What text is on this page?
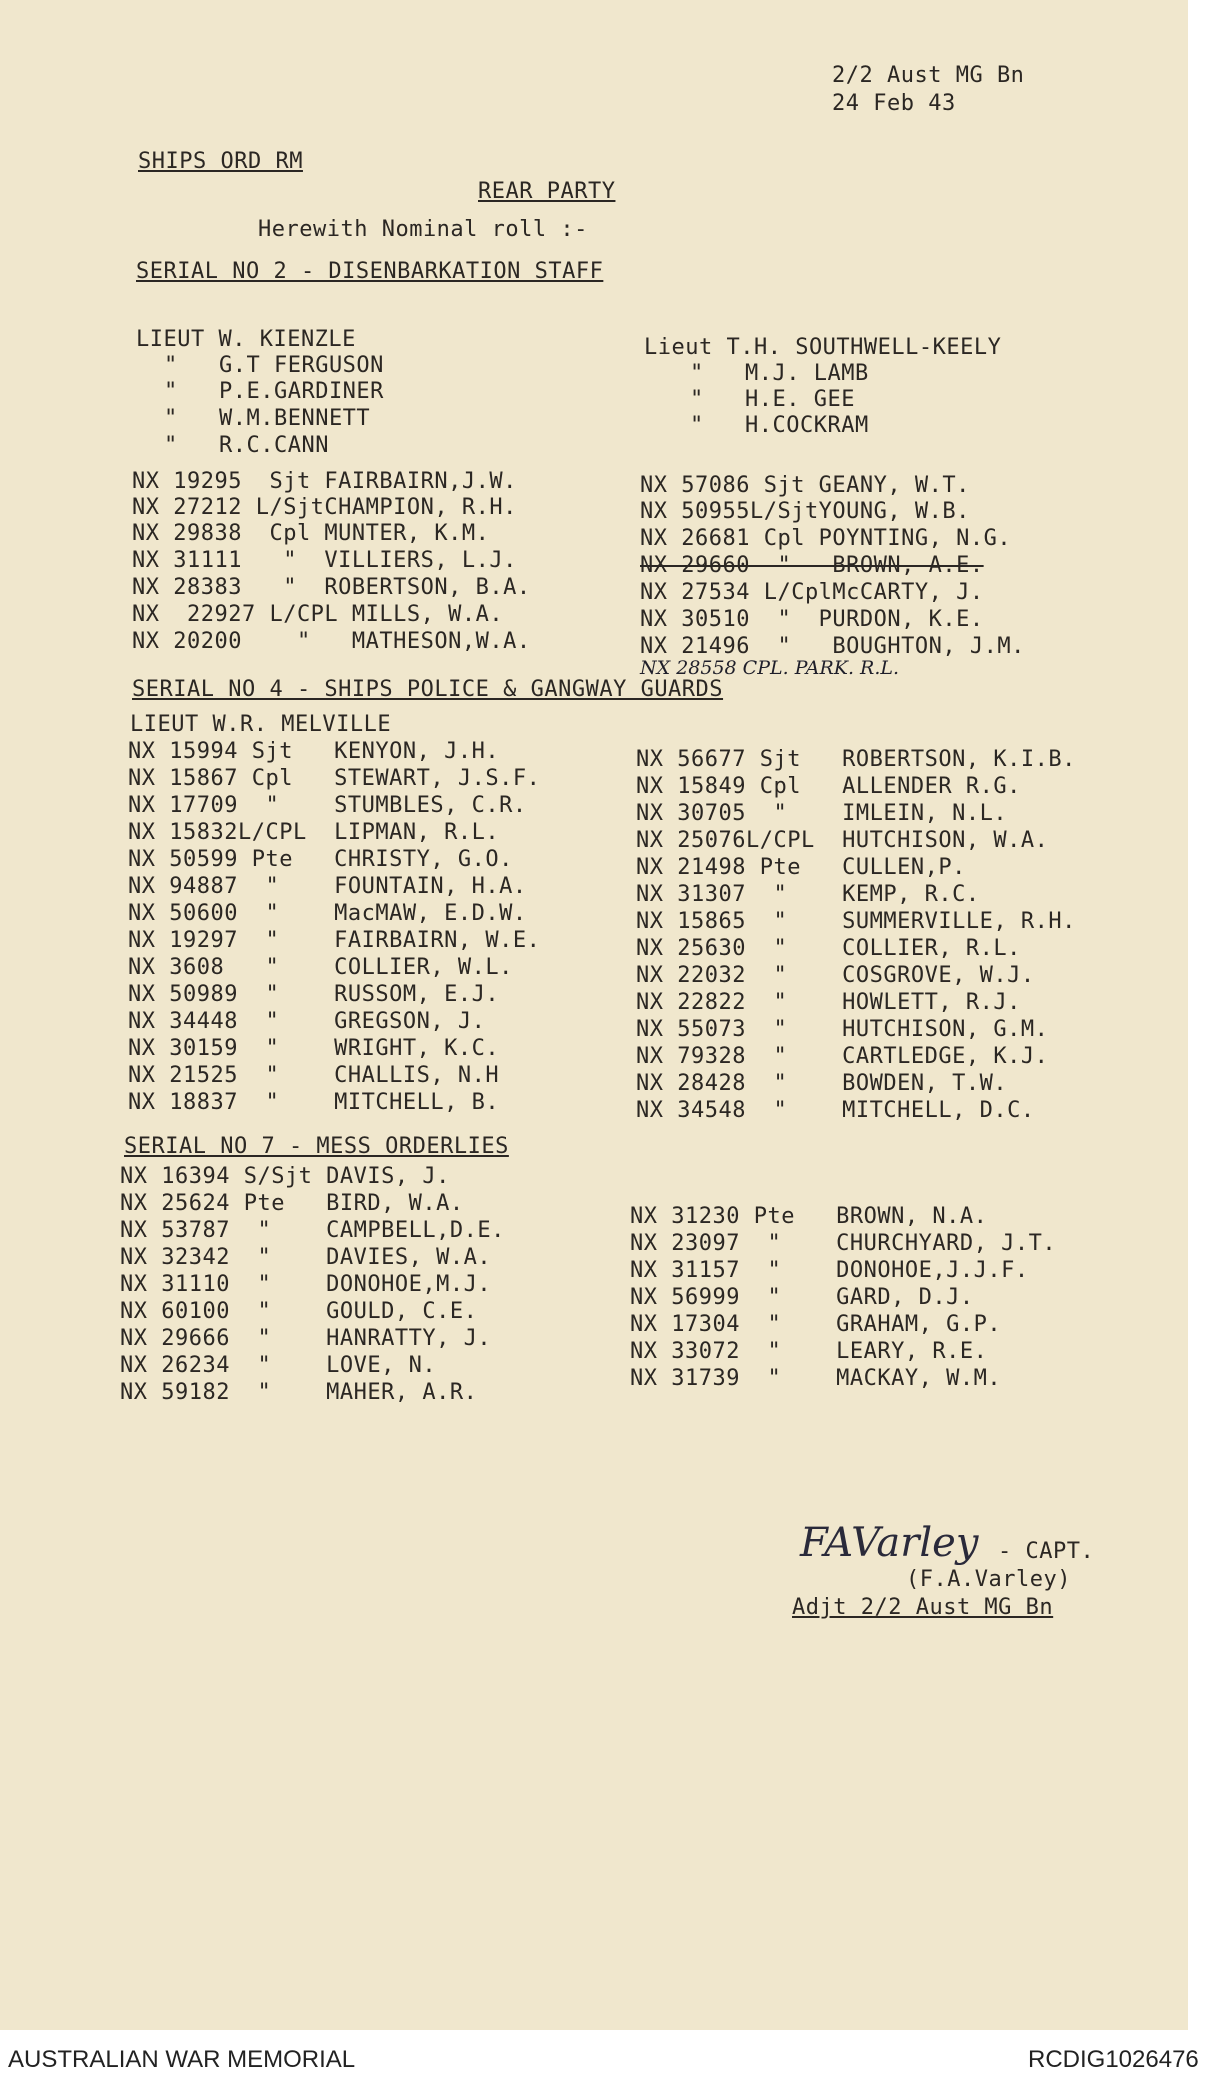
2/2 Aust MG Bn
24 Feb 43
SHIPS ORD RM
REAR PARTY
Herewith Nominal roll :-
SERIAL NO 2 - DISENBARKATION STAFF
LIEUT W. KIENZLE
"   G.T FERGUSON
"   P.E.GARDINER
"   W.M.BENNETT
"   R.C.CANN
Lieut T.H. SOUTHWELL-KEELY
"   M.J. LAMB
"   H.E. GEE
"   H.COCKRAM
NX 19295  Sjt FAIRBAIRN,J.W.
NX 27212 L/SjtCHAMPION, R.H.
NX 29838  Cpl MUNTER, K.M.
NX 31111   "  VILLIERS, L.J.
NX 28383   "  ROBERTSON, B.A.
NX  22927 L/CPL MILLS, W.A.
NX 20200    "   MATHESON,W.A.
NX 57086 Sjt GEANY, W.T.
NX 50955L/SjtYOUNG, W.B.
NX 26681 Cpl POYNTING, N.G.
NX 29660  "   BROWN, A.E.
NX 27534 L/CplMcCARTY, J.
NX 30510  "  PURDON, K.E.
NX 21496  "   BOUGHTON, J.M.
NX 28558 CPL. PARK. R.L.
SERIAL NO 4 - SHIPS POLICE & GANGWAY GUARDS
LIEUT W.R. MELVILLE
NX 15994 Sjt   KENYON, J.H.
NX 15867 Cpl   STEWART, J.S.F.
NX 17709  "    STUMBLES, C.R.
NX 15832L/CPL  LIPMAN, R.L.
NX 50599 Pte   CHRISTY, G.O.
NX 94887  "    FOUNTAIN, H.A.
NX 50600  "    MacMAW, E.D.W.
NX 19297  "    FAIRBAIRN, W.E.
NX 3608   "    COLLIER, W.L.
NX 50989  "    RUSSOM, E.J.
NX 34448  "    GREGSON, J.
NX 30159  "    WRIGHT, K.C.
NX 21525  "    CHALLIS, N.H
NX 18837  "    MITCHELL, B.
NX 56677 Sjt   ROBERTSON, K.I.B.
NX 15849 Cpl   ALLENDER R.G.
NX 30705  "    IMLEIN, N.L.
NX 25076L/CPL  HUTCHISON, W.A.
NX 21498 Pte   CULLEN,P.
NX 31307  "    KEMP, R.C.
NX 15865  "    SUMMERVILLE, R.H.
NX 25630  "    COLLIER, R.L.
NX 22032  "    COSGROVE, W.J.
NX 22822  "    HOWLETT, R.J.
NX 55073  "    HUTCHISON, G.M.
NX 79328  "    CARTLEDGE, K.J.
NX 28428  "    BOWDEN, T.W.
NX 34548  "    MITCHELL, D.C.
SERIAL NO 7 - MESS ORDERLIES
NX 16394 S/Sjt DAVIS, J.
NX 25624 Pte   BIRD, W.A.
NX 53787  "    CAMPBELL,D.E.
NX 32342  "    DAVIES, W.A.
NX 31110  "    DONOHOE,M.J.
NX 60100  "    GOULD, C.E.
NX 29666  "    HANRATTY, J.
NX 26234  "    LOVE, N.
NX 59182  "    MAHER, A.R.
NX 31230 Pte   BROWN, N.A.
NX 23097  "    CHURCHYARD, J.T.
NX 31157  "    DONOHOE,J.J.F.
NX 56999  "    GARD, D.J.
NX 17304  "    GRAHAM, G.P.
NX 33072  "    LEARY, R.E.
NX 31739  "    MACKAY, W.M.
FAVarley - CAPT.
(F.A.Varley)
Adjt 2/2 Aust MG Bn
AUSTRALIAN WAR MEMORIAL	RCDIG1026476
